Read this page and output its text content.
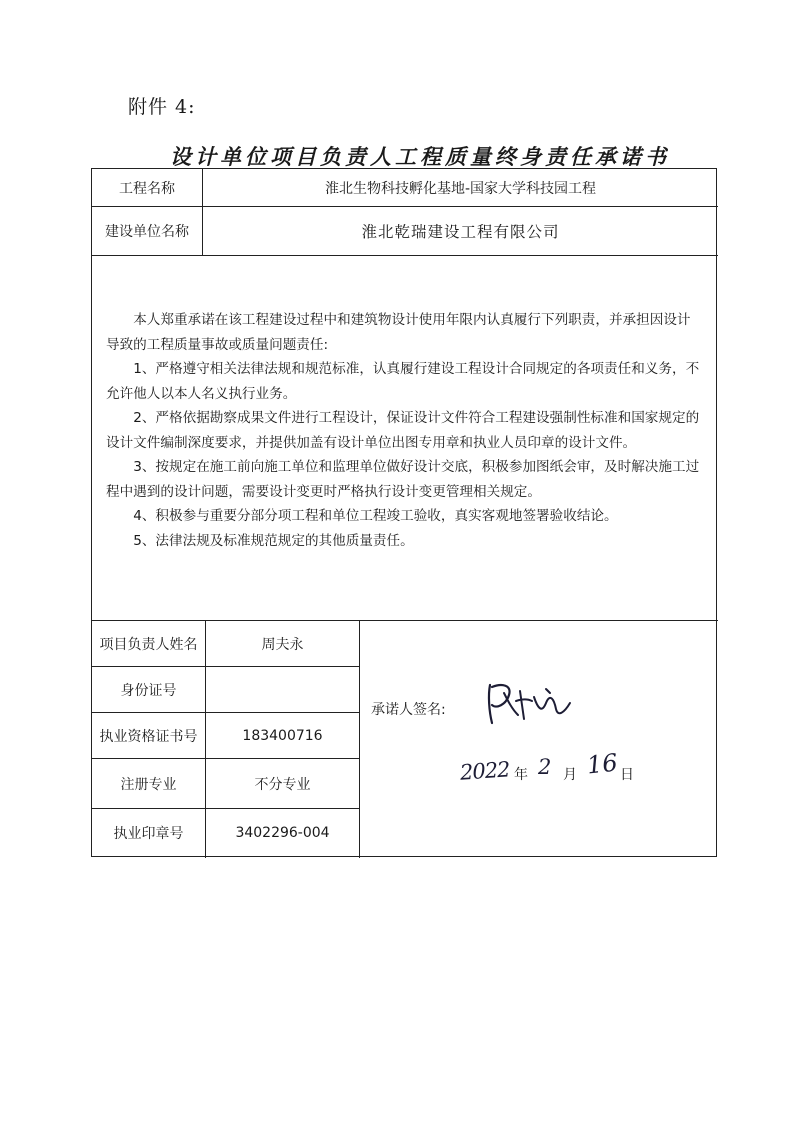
附件 4:
设计单位项目负责人工程质量终身责任承诺书
工程名称	淮北生物科技孵化基地-国家大学科技园工程
建设单位名称	淮北乾瑞建设工程有限公司

本人郑重承诺在该工程建设过程中和建筑物设计使用年限内认真履行下列职责，并承担因设计导致的工程质量事故或质量问题责任:

1、严格遵守相关法律法规和规范标准，认真履行建设工程设计合同规定的各项责任和义务，不允许他人以本人名义执行业务。

2、严格依据勘察成果文件进行工程设计，保证设计文件符合工程建设强制性标准和国家规定的设计文件编制深度要求，并提供加盖有设计单位出图专用章和执业人员印章的设计文件。

3、按规定在施工前向施工单位和监理单位做好设计交底，积极参加图纸会审，及时解决施工过程中遇到的设计问题，需要设计变更时严格执行设计变更管理相关规定。

4、积极参与重要分部分项工程和单位工程竣工验收，真实客观地签署验收结论。

5、法律法规及标准规范规定的其他质量责任。

项目负责人姓名	周夫永
身份证号
执业资格证书号	183400716
注册专业	不分专业
执业印章号	3402296-004
承诺人签名:
2022 年 2 月 16 日
